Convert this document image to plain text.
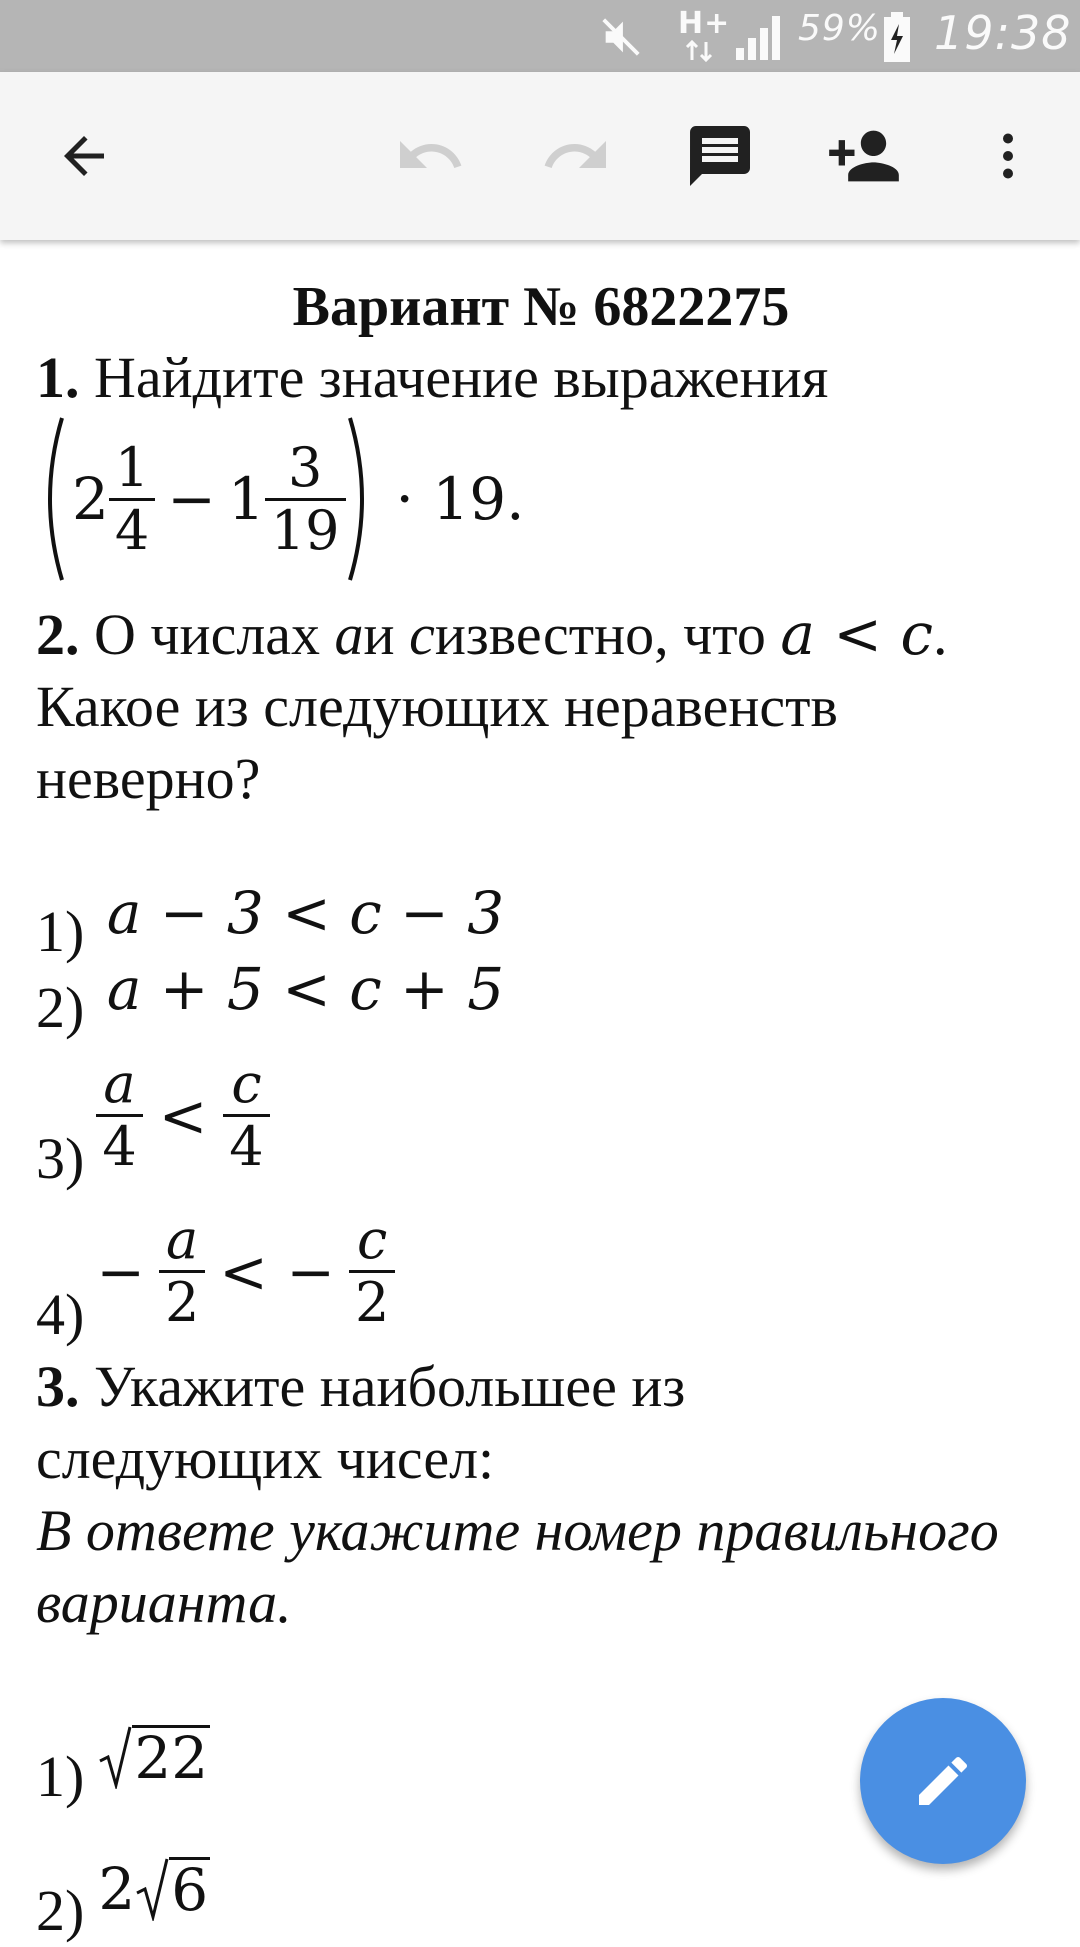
H+ 59% 19:38
Вариант № 6822275
1. Найдите значение выражения
$2 \frac{1}{4} - 1 \frac{3}{19} \cdot 19$.
2. О числах aи cизвестно, что a < c.
Какое из следующих неравенств
неверно?
1) a − 3 < c − 3
2) a + 5 < c + 5
$3) \frac{a}{4} < \frac{c}{4}$
4)
− $\frac{a}{2}$ < − $\frac{c}{2}$
3. Укажите наибольшее из
следующих чисел:
В ответе укажите номер правильного
варианта.
1) 22
2) 2 6
